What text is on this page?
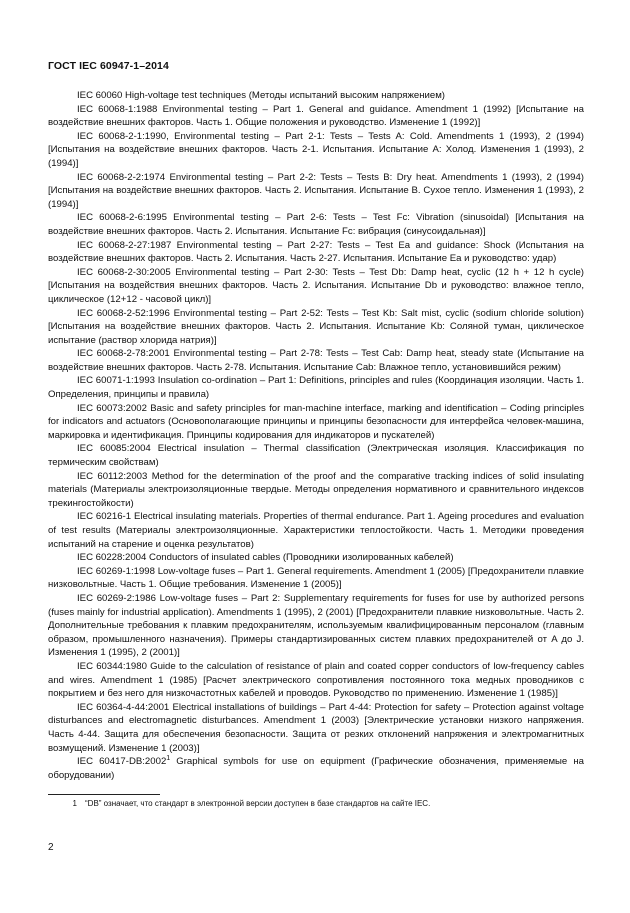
ГОСТ IEC 60947-1–2014

IEC 60060 High-voltage test techniques (Методы испытаний высоким напряжением)

IEC 60068-1:1988 Environmental testing – Part 1. General and guidance. Amendment 1 (1992) [Испытание на воздействие внешних факторов. Часть 1. Общие положения и руководство. Изменение 1 (1992)]

IEC 60068-2-1:1990, Environmental testing – Part 2-1: Tests – Tests A: Cold. Amendments 1 (1993), 2 (1994) [Испытания на воздействие внешних факторов. Часть 2-1. Испытания. Испытание А: Холод. Изменения 1 (1993), 2 (1994)]

IEC 60068-2-2:1974 Environmental testing – Part 2-2: Tests – Tests B: Dry heat. Amendments 1 (1993), 2 (1994) [Испытания на воздействие внешних факторов. Часть 2. Испытания. Испытание В. Сухое тепло. Изменения 1 (1993), 2 (1994)]

IEC 60068-2-6:1995 Environmental testing – Part 2-6: Tests – Test Fc: Vibration (sinusoidal) [Испытания на воздействие внешних факторов. Часть 2. Испытания. Испытание Fc: вибрация (синусоидальная)]

IEC 60068-2-27:1987 Environmental testing – Part 2-27: Tests – Test Ea and guidance: Shock (Испытания на воздействие внешних факторов. Часть 2. Испытания. Часть 2-27. Испытания. Испытание Ea и руководство: удар)

IEC 60068-2-30:2005 Environmental testing – Part 2-30: Tests – Test Db: Damp heat, cyclic (12 h + 12 h cycle) [Испытания на воздействия внешних факторов. Часть 2. Испытания. Испытание Db и руководство: влажное тепло, циклическое (12+12 - часовой цикл)]

IEC 60068-2-52:1996 Environmental testing – Part 2-52: Tests – Test Kb: Salt mist, cyclic (sodium chloride solution) [Испытания на воздействие внешних факторов. Часть 2. Испытания. Испытание Kb: Соляной туман, циклическое испытание (раствор хлорида натрия)]

IEC 60068-2-78:2001 Environmental testing – Part 2-78: Tests – Test Cab: Damp heat, steady state (Испытание на воздействие внешних факторов. Часть 2-78. Испытания. Испытание Cab: Влажное тепло, установившийся режим)

IEC 60071-1:1993 Insulation co-ordination – Part 1: Definitions, principles and rules (Координация изоляции. Часть 1. Определения, принципы и правила)

IEC 60073:2002 Basic and safety principles for man-machine interface, marking and identification – Coding principles for indicators and actuators (Основополагающие принципы и принципы безопасности для интерфейса человек-машина, маркировка и идентификация. Принципы кодирования для индикаторов и пускателей)

IEC 60085:2004 Electrical insulation – Thermal classification (Электрическая изоляция. Классификация по термическим свойствам)

IEC 60112:2003 Method for the determination of the proof and the comparative tracking indices of solid insulating materials (Материалы электроизоляционные твердые. Методы определения нормативного и сравнительного индексов трекингостойкости)

IEC 60216-1 Electrical insulating materials. Properties of thermal endurance. Part 1. Ageing procedures and evaluation of test results (Материалы электроизоляционные. Характеристики теплостойкости. Часть 1. Методики проведения испытаний на старение и оценка результатов)

IEC 60228:2004 Conductors of insulated cables (Проводники изолированных кабелей)

IEC 60269-1:1998 Low-voltage fuses – Part 1. General requirements. Amendment 1 (2005) [Предохранители плавкие низковольтные. Часть 1. Общие требования. Изменение 1 (2005)]

IEC 60269-2:1986 Low-voltage fuses – Part 2: Supplementary requirements for fuses for use by authorized persons (fuses mainly for industrial application). Amendments 1 (1995), 2 (2001) [Предохранители плавкие низковольтные. Часть 2. Дополнительные требования к плавким предохранителям, используемым квалифицированным персоналом (главным образом, промышленного назначения). Примеры стандартизированных систем плавких предохранителей от A до J. Изменения 1 (1995), 2 (2001)]

IEC 60344:1980 Guide to the calculation of resistance of plain and coated copper conductors of low-frequency cables and wires. Amendment 1 (1985) [Расчет электрического сопротивления постоянного тока медных проводников с покрытием и без него для низкочастотных кабелей и проводов. Руководство по применению. Изменение 1 (1985)]

IEC 60364-4-44:2001 Electrical installations of buildings – Part 4-44: Protection for safety – Protection against voltage disturbances and electromagnetic disturbances. Amendment 1 (2003) [Электрические установки низкого напряжения. Часть 4-44. Защита для обеспечения безопасности. Защита от резких отклонений напряжения и электромагнитных возмущений. Изменение 1 (2003)]

IEC 60417-DB:2002$^1$ Graphical symbols for use on equipment (Графические обозначения, применяемые на оборудовании)

1 “DB” означает, что стандарт в электронной версии доступен в базе стандартов на сайте IEC.
2
